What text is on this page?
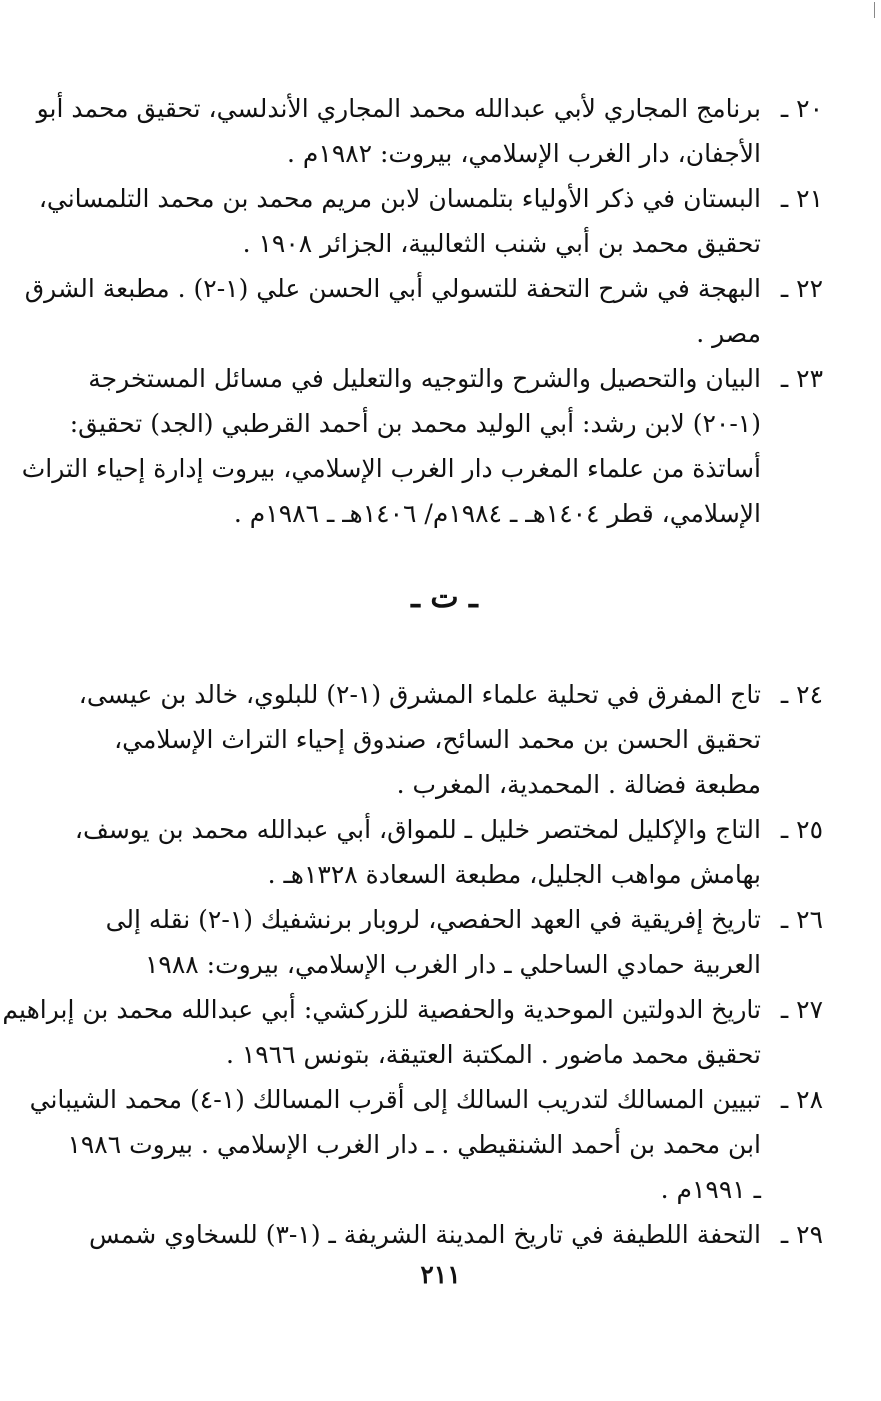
٢٠ ـ
برنامج المجاري لأبي عبدالله محمد المجاري الأندلسي، تحقيق محمد أبو
الأجفان، دار الغرب الإسلامي، بيروت: ١٩٨٢م .
٢١ ـ
البستان في ذكر الأولياء بتلمسان لابن مريم محمد بن محمد التلمساني،
تحقيق محمد بن أبي شنب الثعالبية، الجزائر ١٩٠٨ .
٢٢ ـ
البهجة في شرح التحفة للتسولي أبي الحسن علي (١-٢) . مطبعة الشرق
مصر .
٢٣ ـ
البيان والتحصيل والشرح والتوجيه والتعليل في مسائل المستخرجة
(١-٢٠) لابن رشد: أبي الوليد محمد بن أحمد القرطبي (الجد) تحقيق:
أساتذة من علماء المغرب دار الغرب الإسلامي، بيروت إدارة إحياء التراث
الإسلامي، قطر ١٤٠٤هـ ـ ١٩٨٤م/ ١٤٠٦هـ ـ ١٩٨٦م .
ـ ت ـ
٢٤ ـ
تاج المفرق في تحلية علماء المشرق (١-٢) للبلوي، خالد بن عيسى،
تحقيق الحسن بن محمد السائح، صندوق إحياء التراث الإسلامي،
مطبعة فضالة . المحمدية، المغرب .
٢٥ ـ
التاج والإكليل لمختصر خليل ـ للمواق، أبي عبدالله محمد بن يوسف،
بهامش مواهب الجليل، مطبعة السعادة ١٣٢٨هـ .
٢٦ ـ
تاريخ إفريقية في العهد الحفصي، لروبار برنشفيك (١-٢) نقله إلى
العربية حمادي الساحلي ـ دار الغرب الإسلامي، بيروت: ١٩٨٨
٢٧ ـ
تاريخ الدولتين الموحدية والحفصية للزركشي: أبي عبدالله محمد بن إبراهيم
تحقيق محمد ماضور . المكتبة العتيقة، بتونس ١٩٦٦ .
٢٨ ـ
تبيين المسالك لتدريب السالك إلى أقرب المسالك (١-٤) محمد الشيباني
ابن محمد بن أحمد الشنقيطي . ـ دار الغرب الإسلامي . بيروت ١٩٨٦
ـ ١٩٩١م .
٢٩ ـ
التحفة اللطيفة في تاريخ المدينة الشريفة ـ (١-٣) للسخاوي شمس
٢١١
